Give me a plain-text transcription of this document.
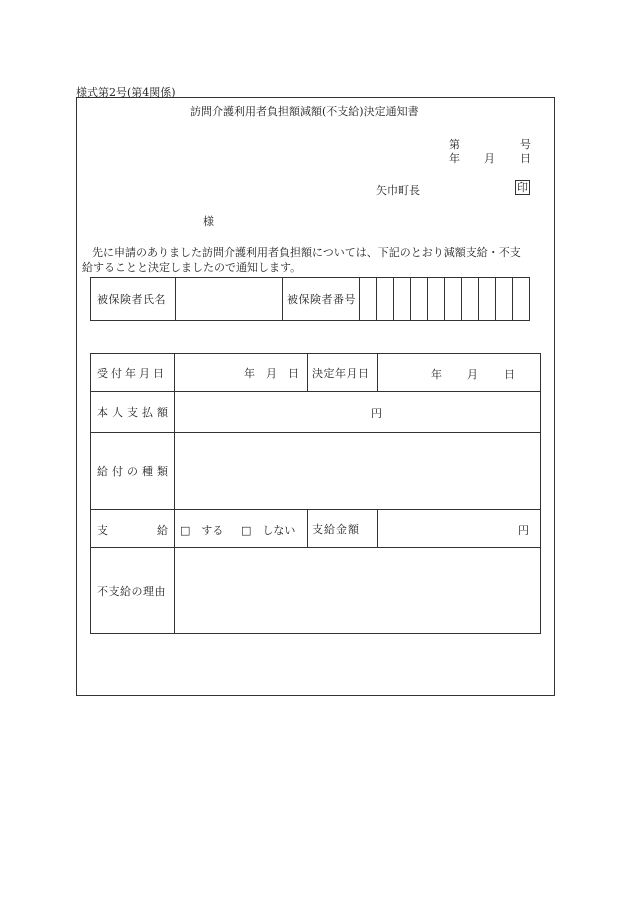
様式第2号(第4関係)
訪問介護利用者負担額減額(不支給)決定通知書
第	号
年 月 日
矢巾町長	印
様
先に申請のありました訪問介護利用者負担額については、下記のとおり減額支給・不支
給することと決定しましたので通知します。
被保険者氏名		被保険者番号										
受付年月日	年　月　日	決定年月日	年 月 日

本人支払額	円		

給付の種類			

支 給	□　する □　しない	支給金額	円

不支給の理由			
